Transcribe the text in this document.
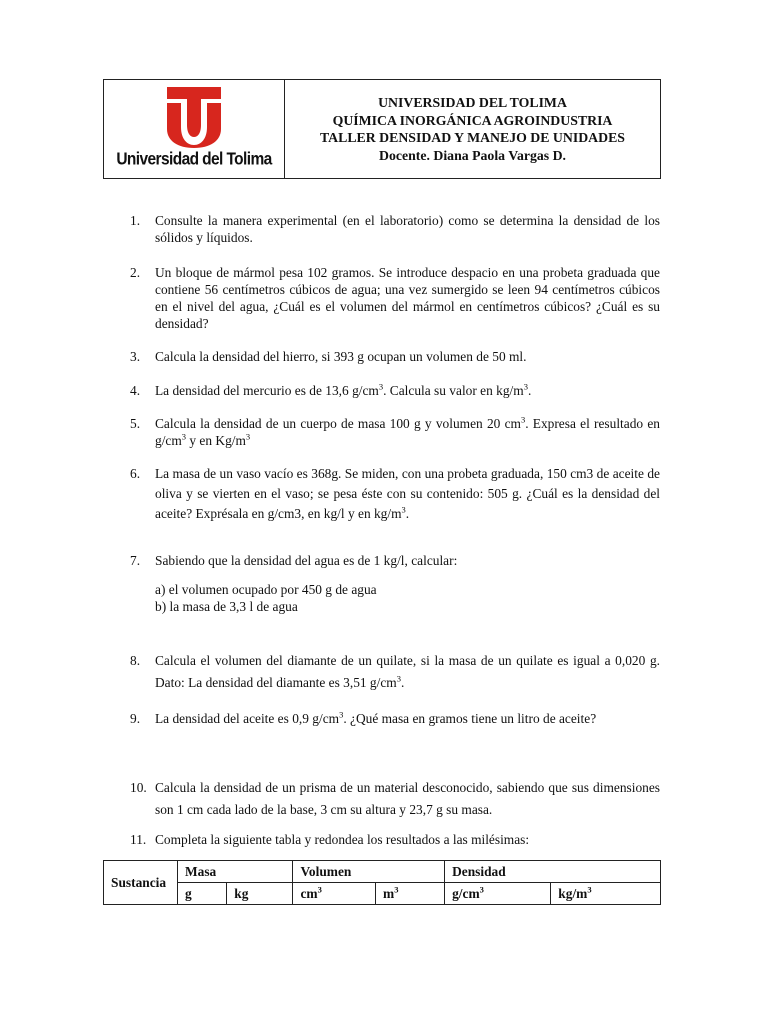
Universidad del Tolima
UNIVERSIDAD DEL TOLIMA
QUÍMICA INORGÁNICA AGROINDUSTRIA
TALLER DENSIDAD Y MANEJO DE UNIDADES
Docente. Diana Paola Vargas D.
1.	Consulte la manera experimental (en el laboratorio) como se determina la densidad de los sólidos y líquidos.
2.	Un bloque de mármol pesa 102 gramos. Se introduce despacio en una probeta graduada que contiene 56 centímetros cúbicos de agua; una vez sumergido se leen 94 centímetros cúbicos en el nivel del agua, ¿Cuál es el volumen del mármol en centímetros cúbicos? ¿Cuál es su densidad?
3.	Calcula la densidad del hierro, si 393 g ocupan un volumen de 50 ml.
4.	La densidad del mercurio es de 13,6 $g/cm^3$. Calcula su valor en $kg/m^3$.
5.	Calcula la densidad de un cuerpo de masa 100 g y volumen 20 $cm^3$. Expresa el resultado en $g/cm^3$ y en $Kg/m^3$
6.	La masa de un vaso vacío es 368g. Se miden, con una probeta graduada, 150 cm3 de aceite de oliva y se vierten en el vaso; se pesa éste con su contenido: 505 g. ¿Cuál es la densidad del aceite? Exprésala en g/cm3, en kg/l y en $kg/m^3$.
7.	Sabiendo que la densidad del agua es de 1 kg/l, calcular:
a) el volumen ocupado por 450 g de agua
b) la masa de 3,3 l de agua
8.	Calcula el volumen del diamante de un quilate, si la masa de un quilate es igual a 0,020 g. Dato: La densidad del diamante es 3,51 $g/cm^3$.
9.	La densidad del aceite es 0,9 $g/cm^3$. ¿Qué masa en gramos tiene un litro de aceite?
10. Calcula la densidad de un prisma de un material desconocido, sabiendo que sus dimensiones son 1 cm cada lado de la base, 3 cm su altura y 23,7 g su masa.
11. Completa la siguiente tabla y redondea los resultados a las milésimas:
Sustancia	Masa		Volumen		Densidad	
	g	kg	$cm^3$	$m^3$	$g/cm^3$	$kg/m^3$
